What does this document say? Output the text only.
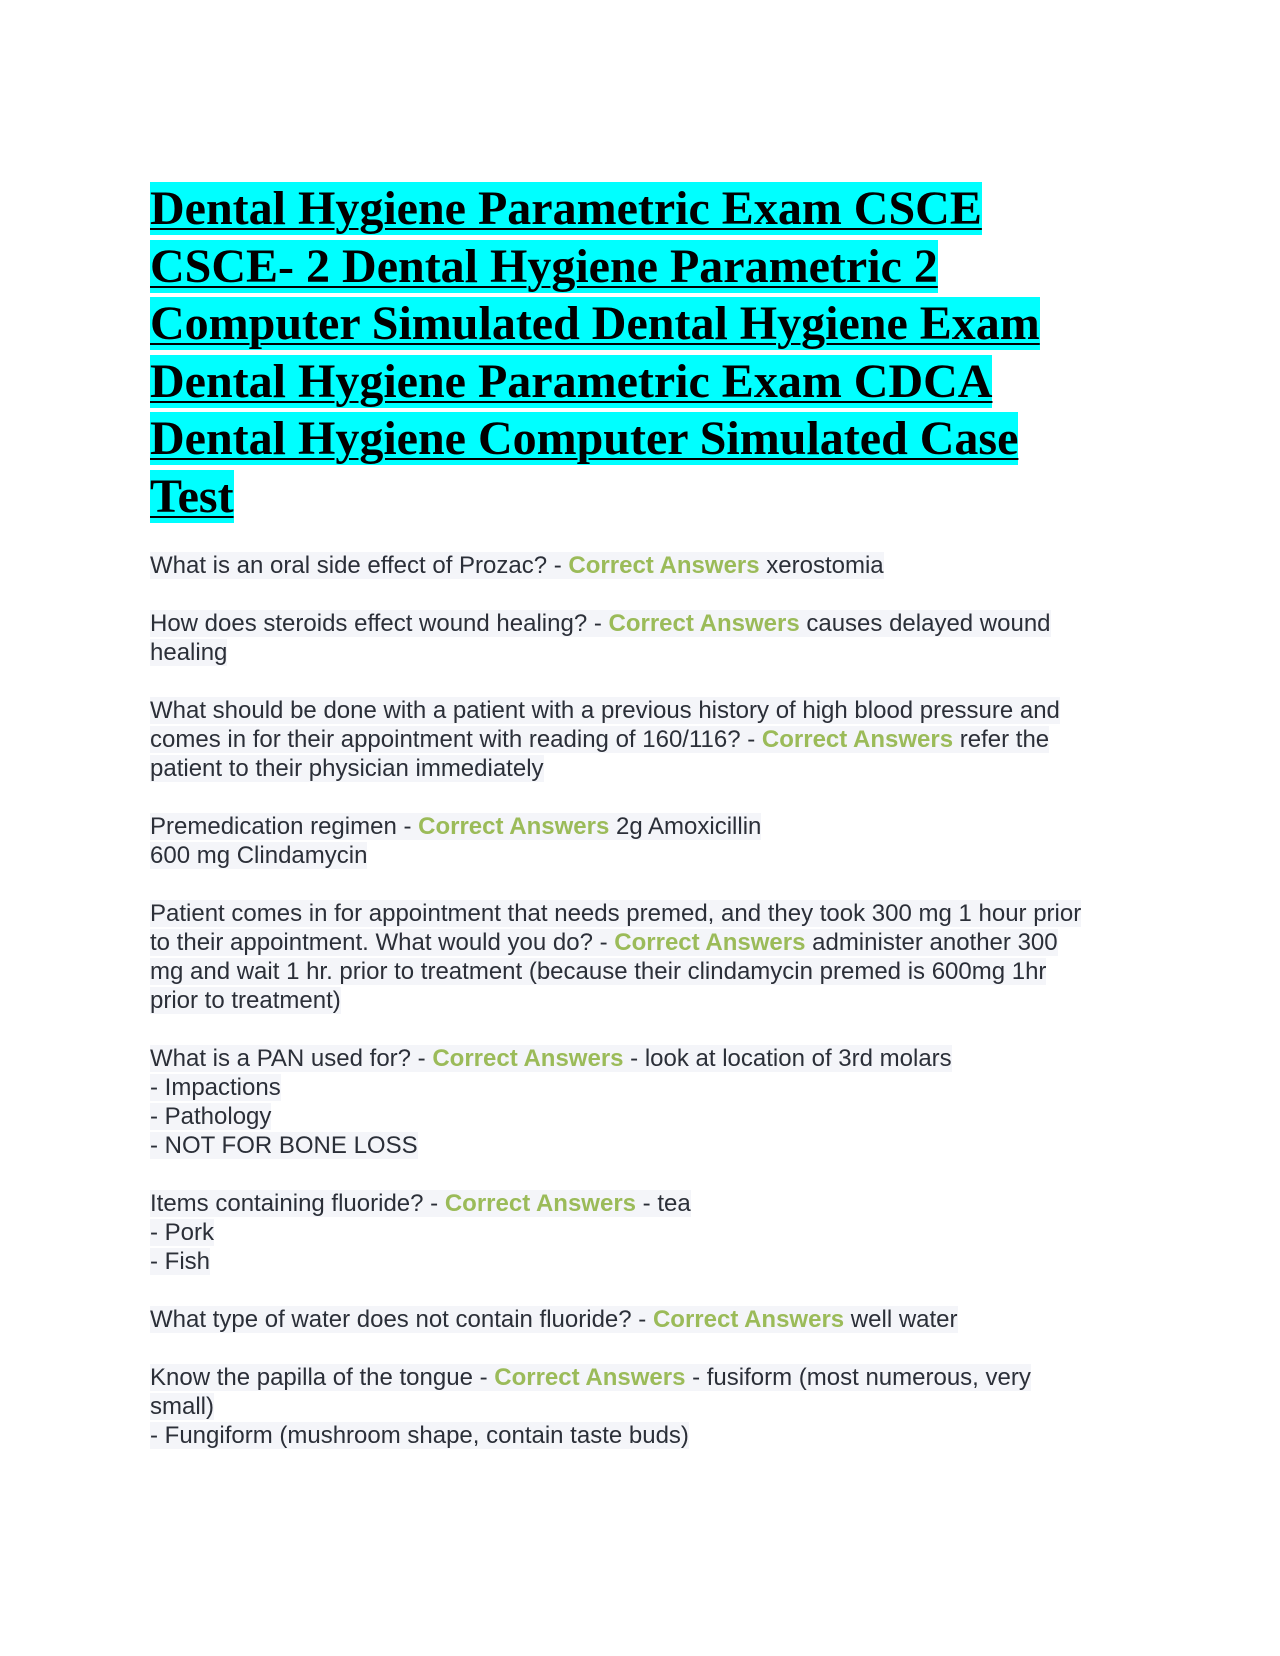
Dental Hygiene Parametric Exam CSCE
CSCE- 2 Dental Hygiene Parametric 2
Computer Simulated Dental Hygiene Exam
Dental Hygiene Parametric Exam CDCA
Dental Hygiene Computer Simulated Case
Test
What is an oral side effect of Prozac? - Correct Answers xerostomia
How does steroids effect wound healing? - Correct Answers causes delayed wound
healing
What should be done with a patient with a previous history of high blood pressure and
comes in for their appointment with reading of 160/116? - Correct Answers refer the
patient to their physician immediately
Premedication regimen - Correct Answers 2g Amoxicillin
600 mg Clindamycin
Patient comes in for appointment that needs premed, and they took 300 mg 1 hour prior
to their appointment. What would you do? - Correct Answers administer another 300
mg and wait 1 hr. prior to treatment (because their clindamycin premed is 600mg 1hr
prior to treatment)
What is a PAN used for? - Correct Answers - look at location of 3rd molars
- Impactions
- Pathology
- NOT FOR BONE LOSS
Items containing fluoride? - Correct Answers - tea
- Pork
- Fish
What type of water does not contain fluoride? - Correct Answers well water
Know the papilla of the tongue - Correct Answers - fusiform (most numerous, very
small)
- Fungiform (mushroom shape, contain taste buds)
